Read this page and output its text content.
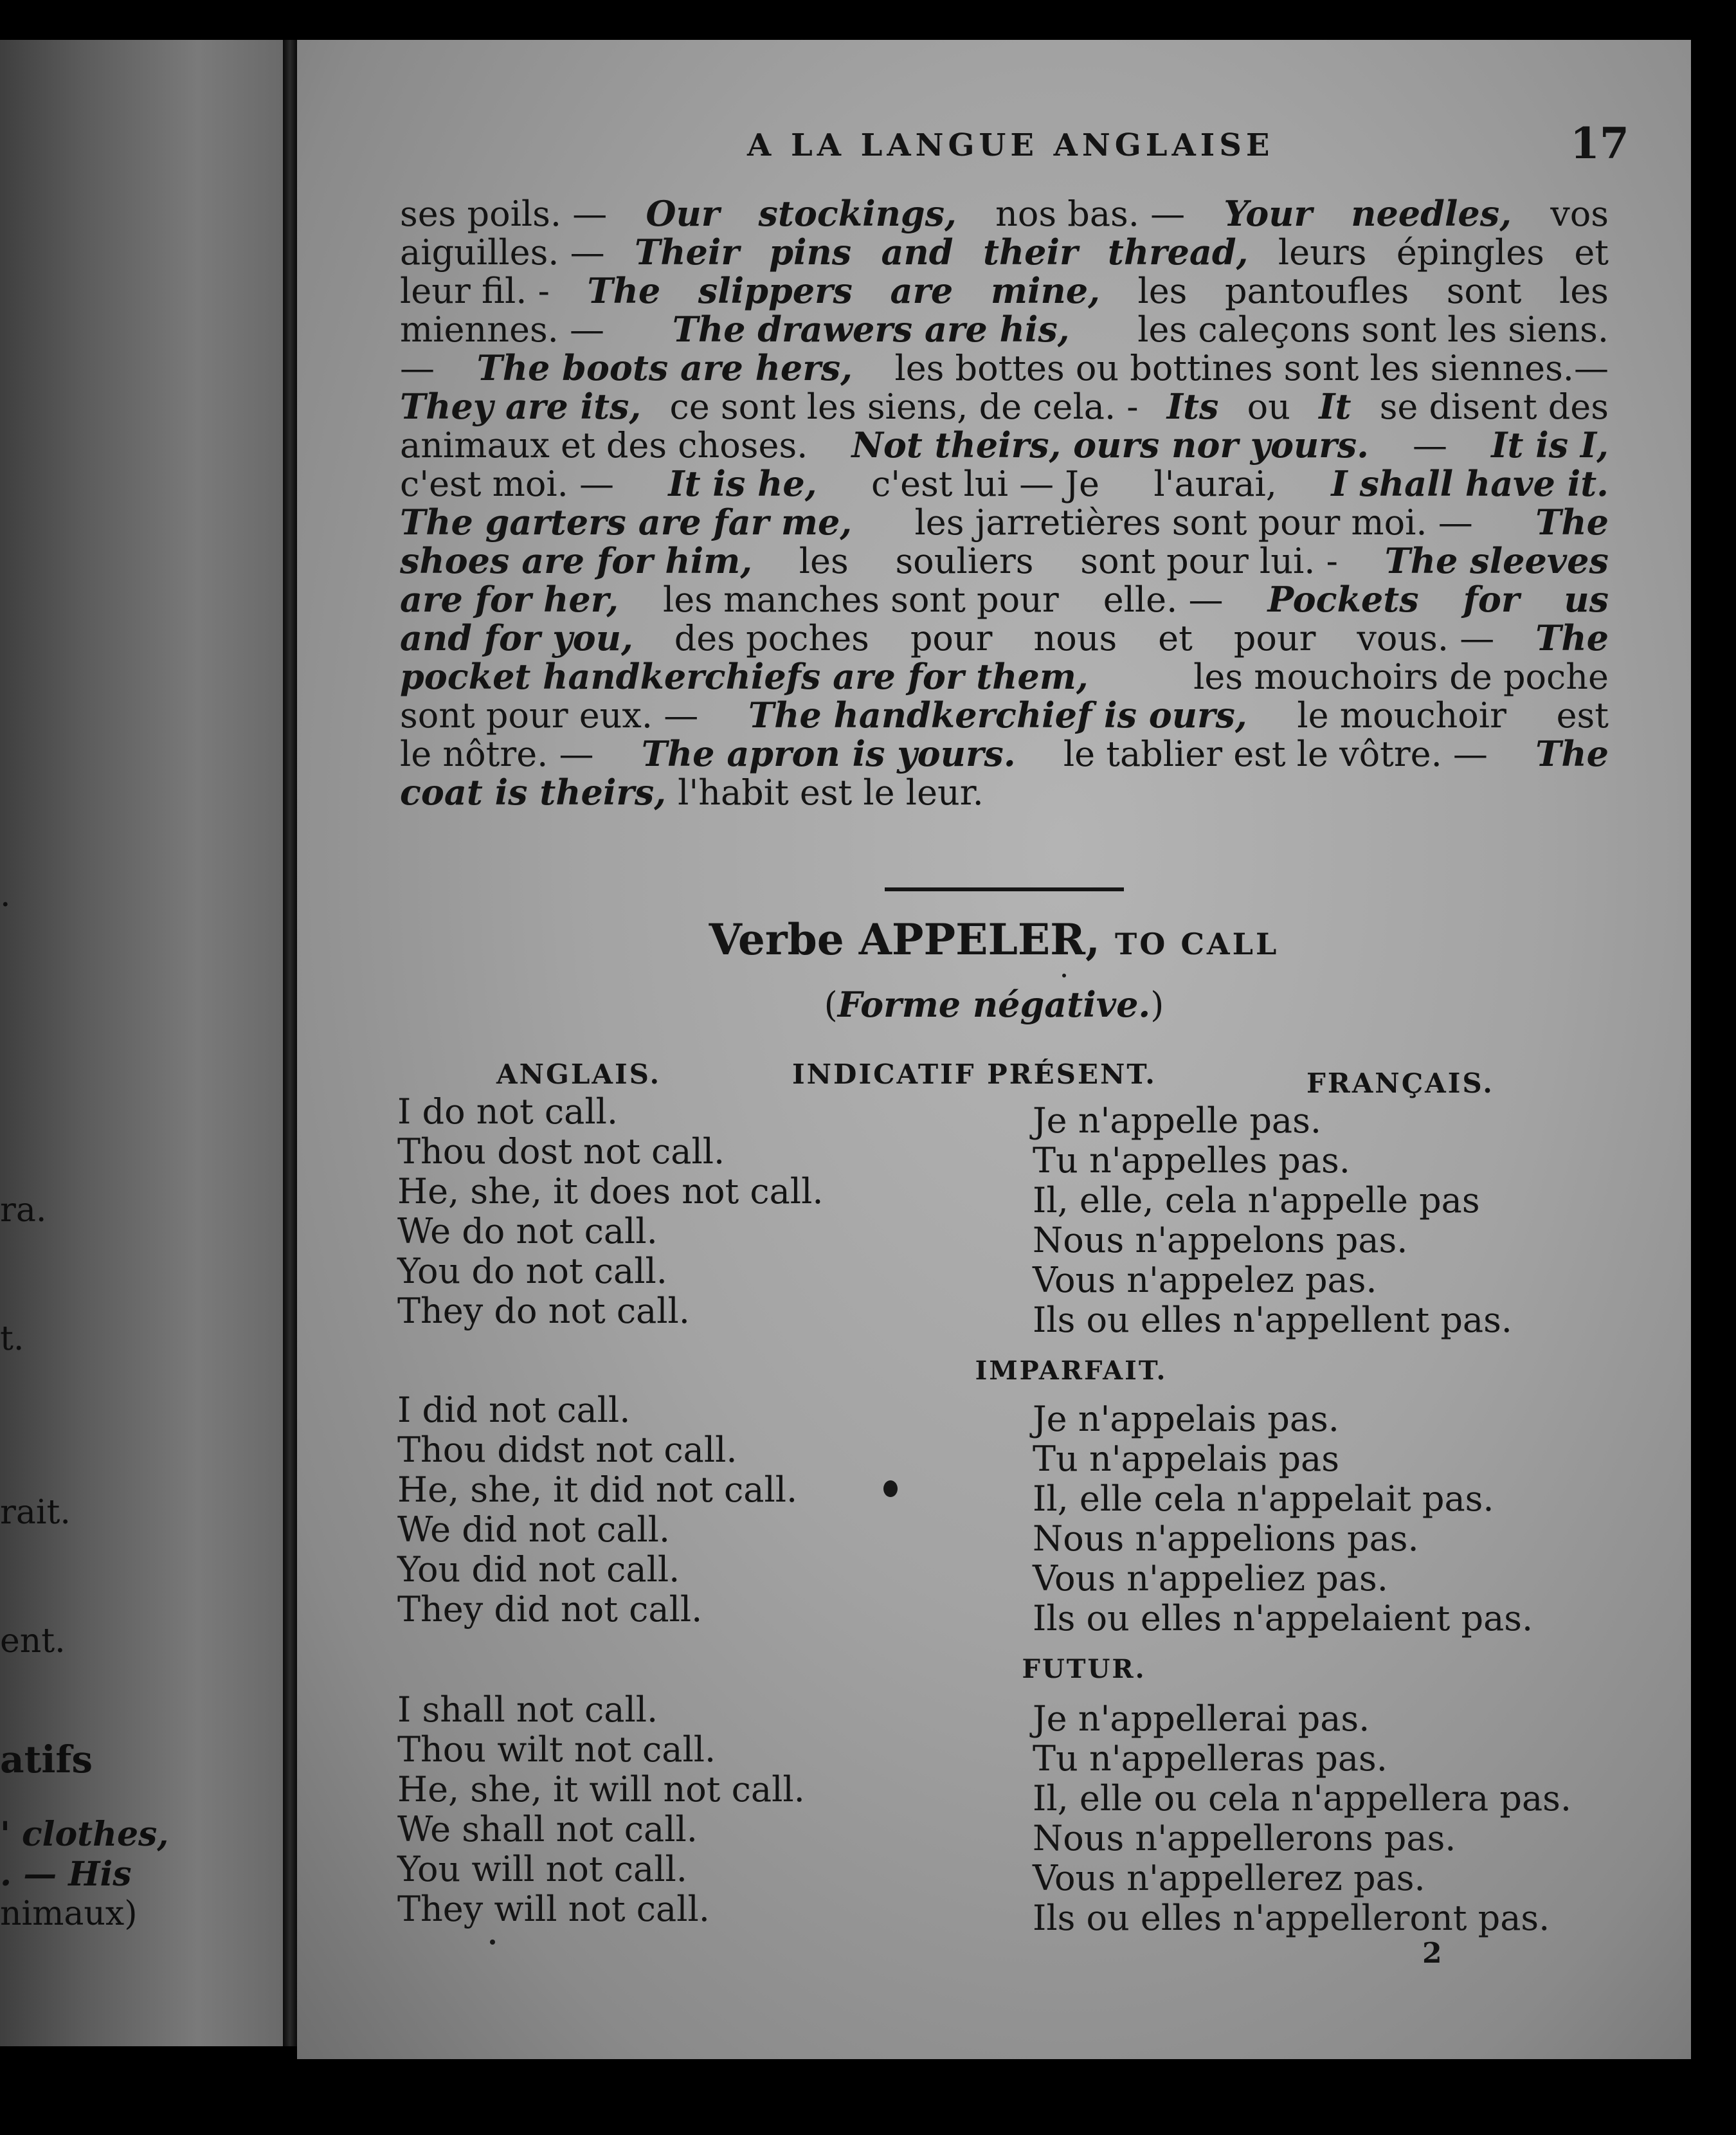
.
ra.
t.
rait.
ent.
atifs
' clothes,
. — His
nimaux)
A LA LANGUE ANGLAISE	17
ses poils. — Our stockings, nos bas. — Your needles, vos
aiguilles. — Their pins and their thread, leurs épingles et
leur fil. - The slippers are mine, les pantoufles sont les
miennes. — The drawers are his, les caleçons sont les siens.
— The boots are hers, les bottes ou bottines sont les siennes.—
They are its, ce sont les siens, de cela. - Its ou It se disent des
animaux et des choses. Not theirs, ours nor yours. — It is I,
c'est moi. — It is he, c'est lui — Je l'aurai, I shall have it.
The garters are far me, les jarretières sont pour moi. — The
shoes are for him, les souliers sont pour lui. - The sleeves
are for her, les manches sont pour elle. — Pockets for us
and for you, des poches pour nous et pour vous. — The
pocket handkerchiefs are for them,	les mouchoirs de poche
sont pour eux. — The handkerchief is ours, le mouchoir est
le nôtre. — The apron is yours. le tablier est le vôtre. — The
coat is theirs, l'habit est le leur.
Verbe APPELER, TO CALL
(Forme négative.)
ANGLAIS.	INDICATIF PRÉSENT.	FRANÇAIS.
I do not call.	Je n'appelle pas.
Thou dost not call.	Tu n'appelles pas.
He, she, it does not call.	Il, elle, cela n'appelle pas
We do not call.	Nous n'appelons pas.
You do not call.	Vous n'appelez pas.
They do not call.	Ils ou elles n'appellent pas.
IMPARFAIT.
I did not call.	Je n'appelais pas.
Thou didst not call.	Tu n'appelais pas
He, she, it did not call.	Il, elle cela n'appelait pas.
We did not call.	Nous n'appelions pas.
You did not call.	Vous n'appeliez pas.
They did not call.	Ils ou elles n'appelaient pas.
FUTUR.
I shall not call.	Je n'appellerai pas.
Thou wilt not call.	Tu n'appelleras pas.
He, she, it will not call.	Il, elle ou cela n'appellera pas.
We shall not call.	Nous n'appellerons pas.
You will not call.	Vous n'appellerez pas.
They will not call.	Ils ou elles n'appelleront pas.
2
